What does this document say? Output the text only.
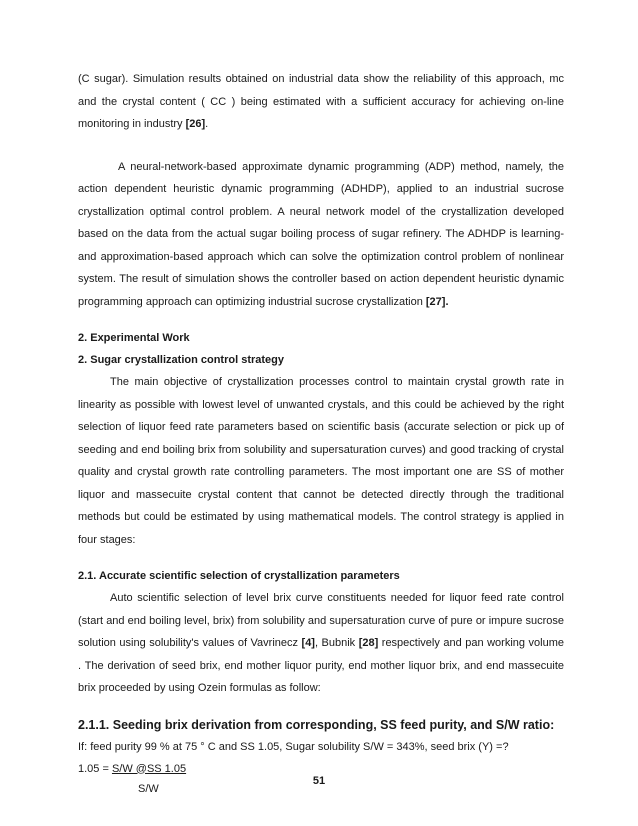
(C sugar). Simulation results obtained on industrial data show the reliability of this approach, mc and the crystal content ( CC ) being estimated with a sufficient accuracy for achieving on-line monitoring in industry [26].

A neural-network-based approximate dynamic programming (ADP) method, namely, the action dependent heuristic dynamic programming (ADHDP), applied to an industrial sucrose crystallization optimal control problem. A neural network model of the crystallization developed based on the data from the actual sugar boiling process of sugar refinery. The ADHDP is learning- and approximation-based approach which can solve the optimization control problem of nonlinear system. The result of simulation shows the controller based on action dependent heuristic dynamic programming approach can optimizing industrial sucrose crystallization [27].

2. Experimental Work

2. Sugar crystallization control strategy

The main objective of crystallization processes control to maintain crystal growth rate in linearity as possible with lowest level of unwanted crystals, and this could be achieved by the right selection of liquor feed rate parameters based on scientific basis (accurate selection or pick up of seeding and end boiling brix from solubility and supersaturation curves) and good tracking of crystal quality and crystal growth rate controlling parameters. The most important one are SS of mother liquor and massecuite crystal content that cannot be detected directly through the traditional methods but could be estimated by using mathematical models. The control strategy is applied in four stages:

2.1. Accurate scientific selection of crystallization parameters

Auto scientific selection of level brix curve constituents needed for liquor feed rate control (start and end boiling level, brix) from solubility and supersaturation curve of pure or impure sucrose solution using solubility's values of Vavrinecz [4], Bubnik [28] respectively and pan working volume . The derivation of seed brix, end mother liquor purity, end mother liquor brix, and end massecuite brix proceeded by using Ozein formulas as follow:

2.1.1. Seeding brix derivation from corresponding, SS feed purity, and S/W ratio:

If: feed purity 99 % at 75 ° C and SS 1.05, Sugar solubility S/W = 343%, seed brix (Y) =?

1.05 = S/W @SS 1.05

S/W

51
